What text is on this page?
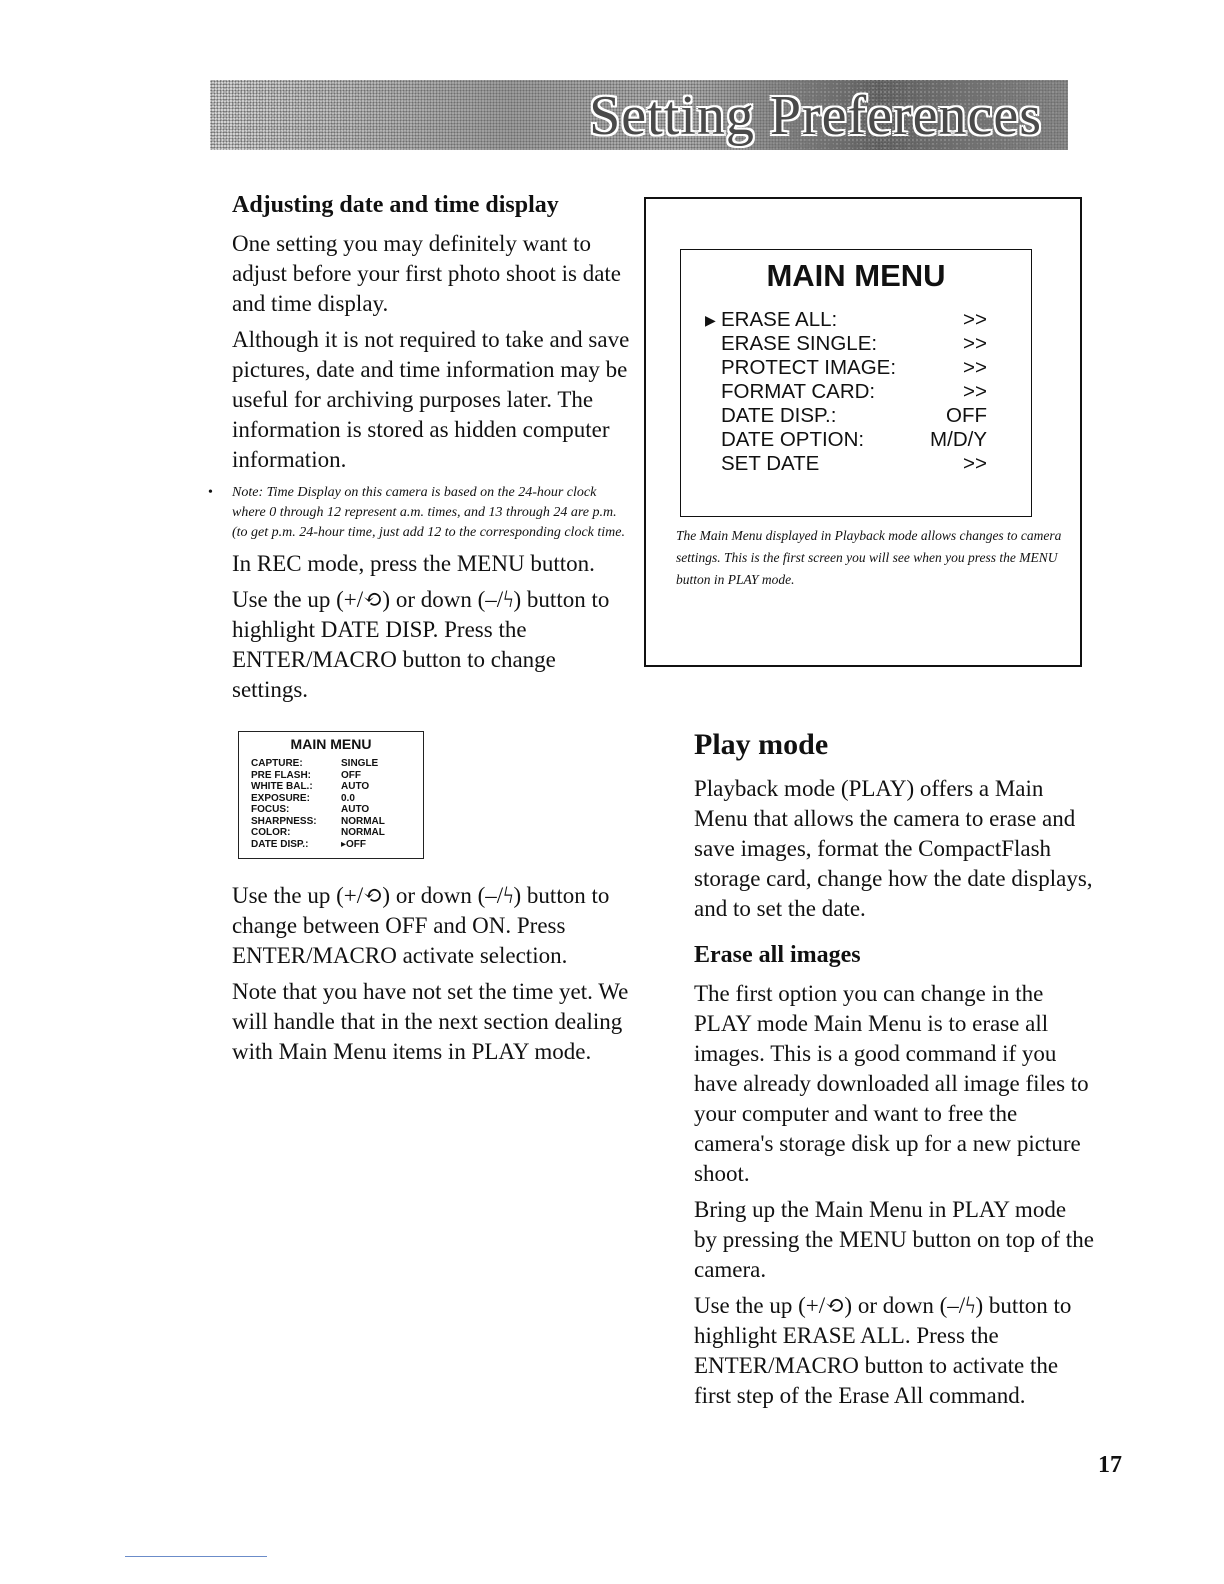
Setting Preferences
Adjusting date and time display

One setting you may definitely want to adjust before your first photo shoot is date and time display.

Although it is not required to take and save pictures, date and time information may be useful for archiving purposes later. The information is stored as hidden computer information.

• Note: Time Display on this camera is based on the 24-hour clock where 0 through 12 represent a.m. times, and 13 through 24 are p.m. (to get p.m. 24-hour time, just add 12 to the corresponding clock time.

In REC mode, press the MENU button.

Use the up (+/⟲) or down (–/ϟ) button to highlight DATE DISP. Press the ENTER/MACRO button to change settings.

MAIN MENU
CAPTURE:	SINGLE
PRE FLASH:	OFF
WHITE BAL.:	AUTO
EXPOSURE:	0.0
FOCUS:	AUTO
SHARPNESS:	NORMAL
COLOR:	NORMAL
DATE DISP.:	▸OFF

Use the up (+/⟲) or down (–/ϟ) button to change between OFF and ON. Press ENTER/MACRO activate selection.

Note that you have not set the time yet. We will handle that in the next section dealing with Main Menu items in PLAY mode.

MAIN MENU
▶ ERASE ALL:	>>
ERASE SINGLE:	>>
PROTECT IMAGE:	>>
FORMAT CARD:	>>
DATE DISP.:	OFF
DATE OPTION:	M/D/Y
SET DATE	>>

The Main Menu displayed in Playback mode allows changes to camera settings. This is the first screen you will see when you press the MENU button in PLAY mode.

Play mode

Playback mode (PLAY) offers a Main Menu that allows the camera to erase and save images, format the CompactFlash storage card, change how the date displays, and to set the date.

Erase all images

The first option you can change in the PLAY mode Main Menu is to erase all images. This is a good command if you have already downloaded all image files to your computer and want to free the camera's storage disk up for a new picture shoot.

Bring up the Main Menu in PLAY mode by pressing the MENU button on top of the camera.

Use the up (+/⟲) or down (–/ϟ) button to highlight ERASE ALL. Press the ENTER/MACRO button to activate the first step of the Erase All command.

17
